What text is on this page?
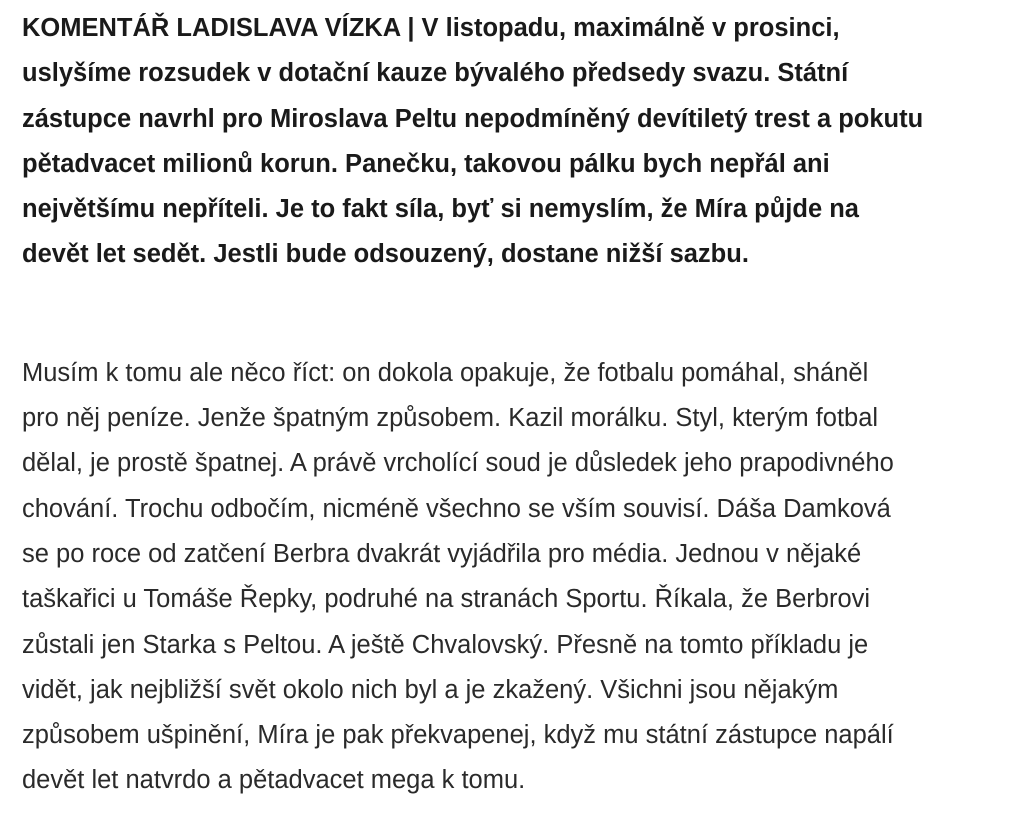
KOMENTÁŘ LADISLAVA VÍZKA | V listopadu, maximálně v prosinci,
uslyšíme rozsudek v dotační kauze bývalého předsedy svazu. Státní
zástupce navrhl pro Miroslava Peltu nepodmíněný devítiletý trest a pokutu
pětadvacet milionů korun. Panečku, takovou pálku bych nepřál ani
největšímu nepříteli. Je to fakt síla, byť si nemyslím, že Míra půjde na
devět let sedět. Jestli bude odsouzený, dostane nižší sazbu.

Musím k tomu ale něco říct: on dokola opakuje, že fotbalu pomáhal, sháněl
pro něj peníze. Jenže špatným způsobem. Kazil morálku. Styl, kterým fotbal
dělal, je prostě špatnej. A právě vrcholící soud je důsledek jeho prapodivného
chování. Trochu odbočím, nicméně všechno se vším souvisí. Dáša Damková
se po roce od zatčení Berbra dvakrát vyjádřila pro média. Jednou v nějaké
taškařici u Tomáše Řepky, podruhé na stranách Sportu. Říkala, že Berbrovi
zůstali jen Starka s Peltou. A ještě Chvalovský. Přesně na tomto příkladu je
vidět, jak nejbližší svět okolo nich byl a je zkažený. Všichni jsou nějakým
způsobem ušpinění, Míra je pak překvapenej, když mu státní zástupce napálí
devět let natvrdo a pětadvacet mega k tomu.
